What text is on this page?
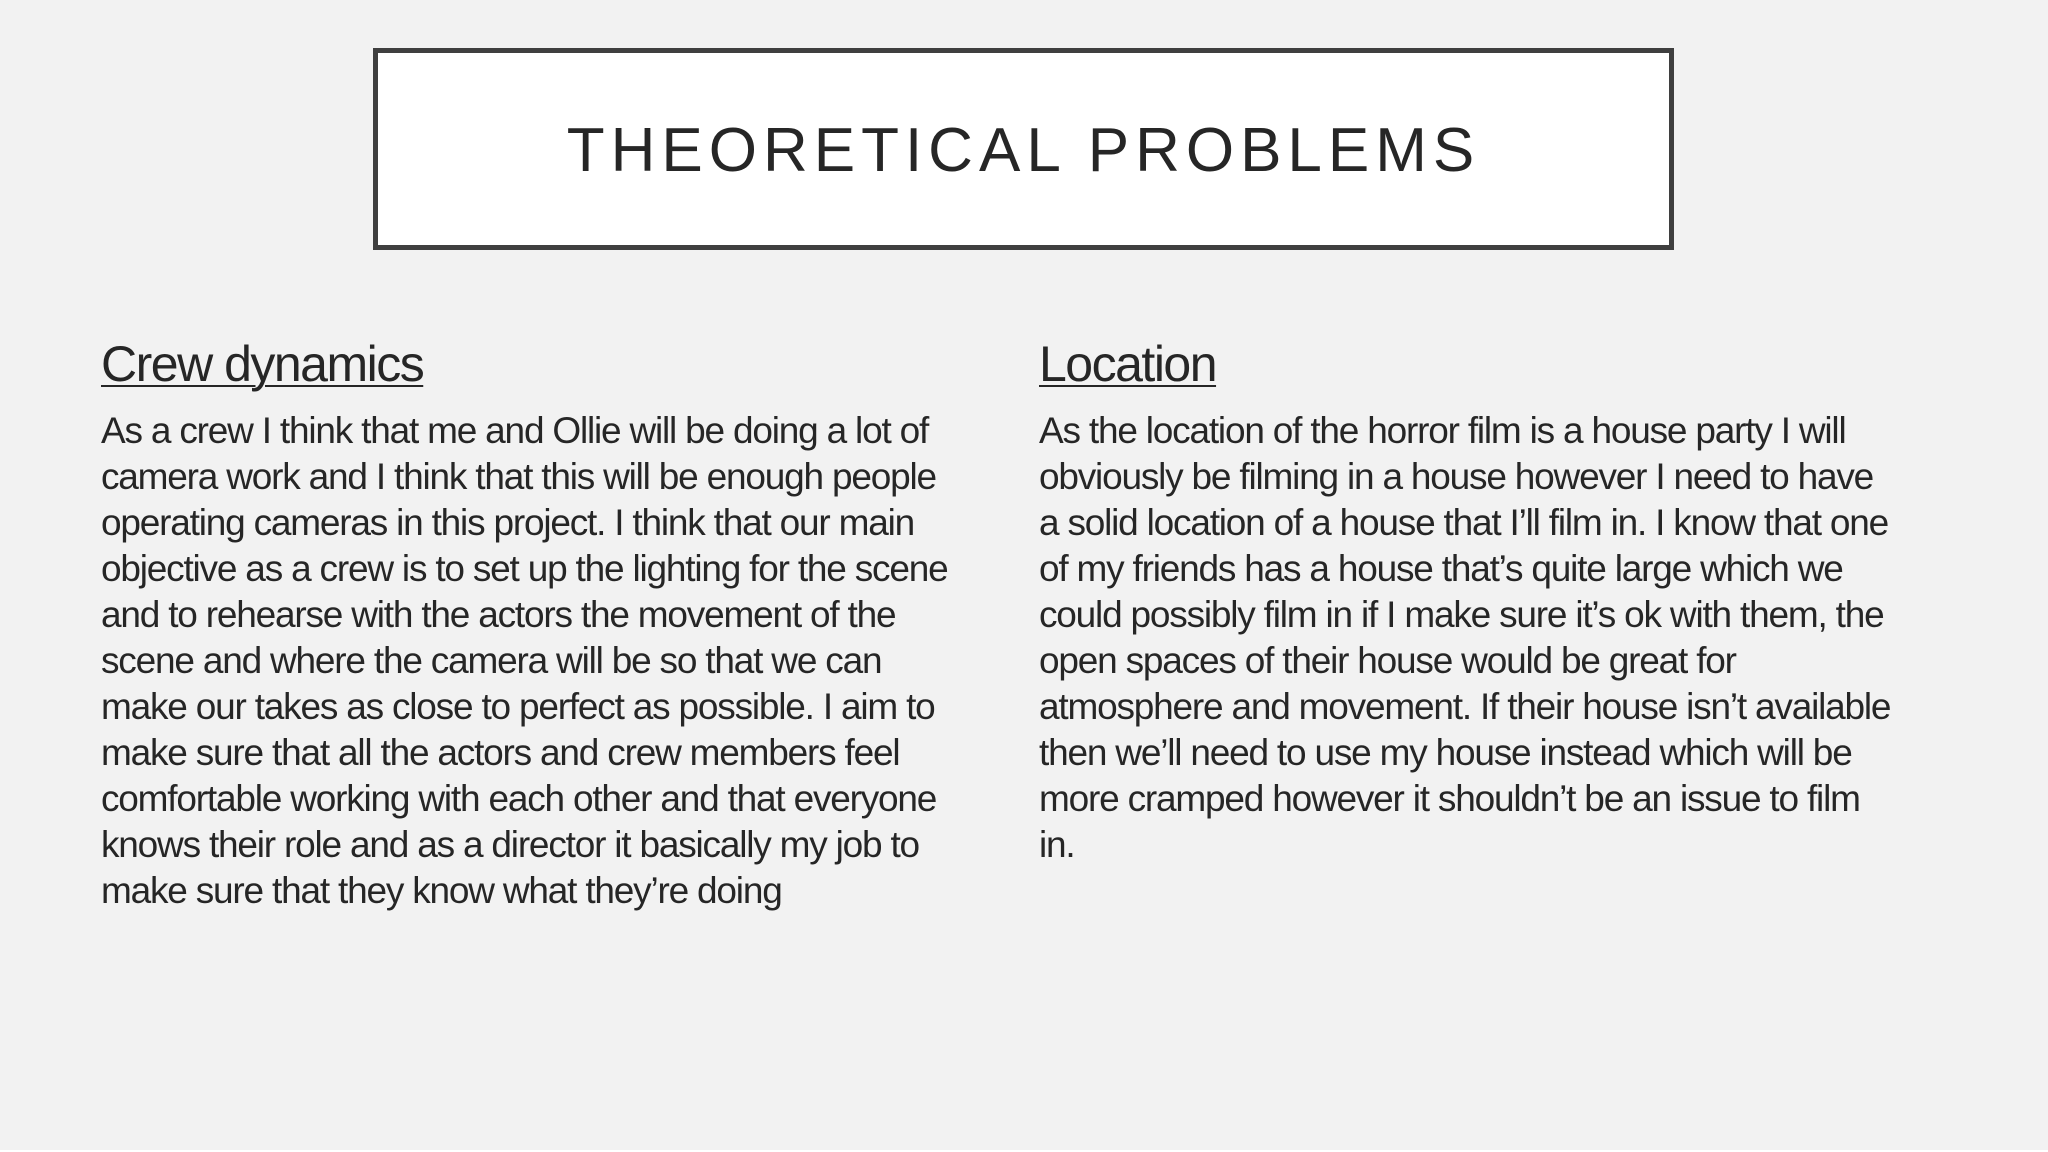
THEORETICAL PROBLEMS
Crew dynamics
As a crew I think that me and Ollie will be doing a lot of
camera work and I think that this will be enough people
operating cameras in this project. I think that our main
objective as a crew is to set up the lighting for the scene
and to rehearse with the actors the movement of the
scene and where the camera will be so that we can
make our takes as close to perfect as possible. I aim to
make sure that all the actors and crew members feel
comfortable working with each other and that everyone
knows their role and as a director it basically my job to
make sure that they know what they’re doing
Location
As the location of the horror film is a house party I will
obviously be filming in a house however I need to have
a solid location of a house that I’ll film in. I know that one
of my friends has a house that’s quite large which we
could possibly film in if I make sure it’s ok with them, the
open spaces of their house would be great for
atmosphere and movement. If their house isn’t available
then we’ll need to use my house instead which will be
more cramped however it shouldn’t be an issue to film
in.
